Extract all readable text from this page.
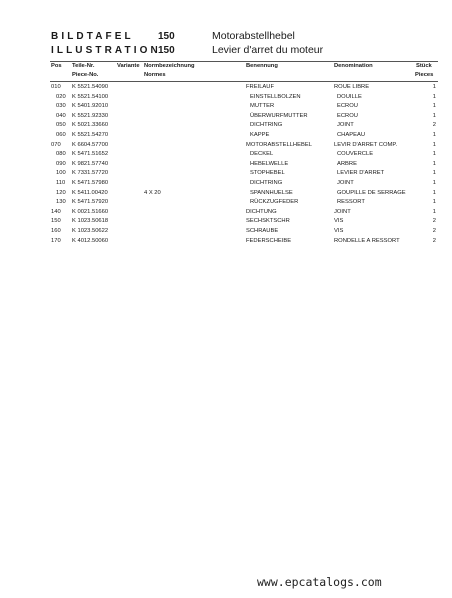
BILDTAFEL 150	Motorabstellhebel
ILLUSTRATION
150	Levier d'arret du moteur
Pos Teile-Nr.
Piece-No.
Variante Normbezeichnung
Normes
Benennung	Denomination	Stück
Pieces
010 K 5521.54090	FREILAUF	ROUE LIBRE	1
020 K 5521.54100	EINSTELLBOLZEN	DOUILLE	1
030 K 5401.92010	MUTTER	ECROU	1
040 K 5521.92330	ÜBERWURFMUTTER	ECROU	1
050 K 5021.33660	DICHTRING	JOINT	2
060 K 5521.54270	KAPPE	CHAPEAU	1
070 K 6604.57700	MOTORABSTELLHEBEL	LEVIR D'ARRET COMP.	1
080 K 5471.51652	DECKEL	COUVERCLE	1
090 K 9821.57740	HEBELWELLE	ARBRE	1
100 K 7331.57720	STOPHEBEL	LEVIER D'ARRET	1
110 K 5471.57980	DICHTRING	JOINT	1
120 K 5411.00420	4 X 20	SPANNHUELSE	GOUPILLE DE SERRAGE	1
130 K 5471.57920	RÜCKZUGFEDER	RESSORT	1
140 K 0021.51660	DICHTUNG	JOINT	1
150 K 1023.50618	SECHSKTSCHR	VIS	2
160 K 1023.50622	SCHRAUBE	VIS	2
170 K 4012.50060	FEDERSCHEIBE	RONDELLE A RESSORT	2
www.epcatalogs.com
